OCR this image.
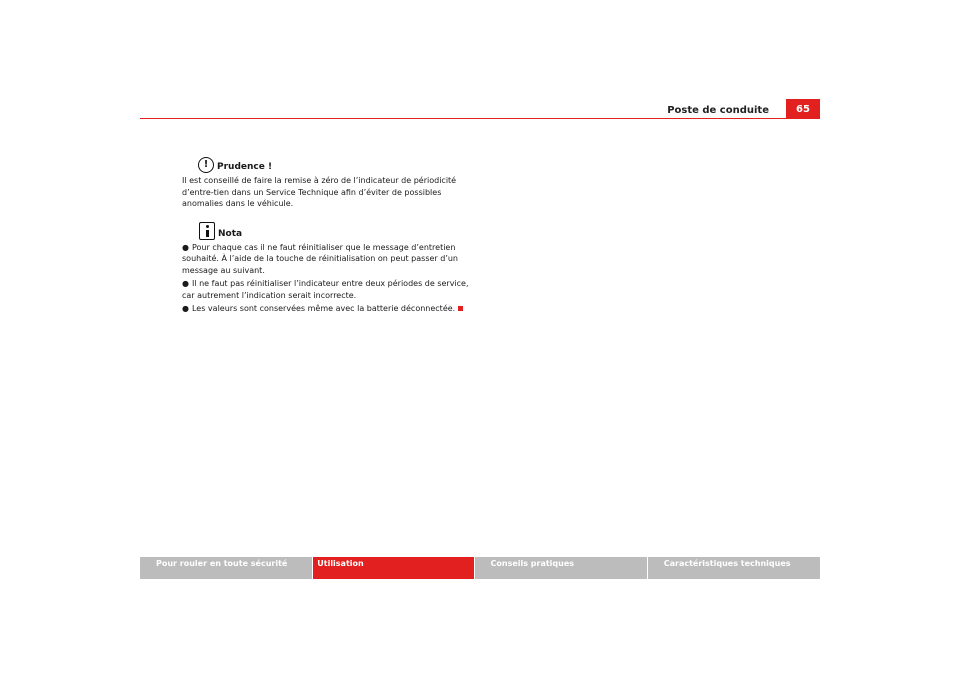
Poste de conduite	65
! Prudence !

Il est conseillé de faire la remise à zéro de l’indicateur de périodicité d’entre-tien dans un Service Technique afin d’éviter de possibles anomalies dans le véhicule.

Nota
● Pour chaque cas il ne faut réinitialiser que le message d’entretien souhaité. À l’aide de la touche de réinitialisation on peut passer d’un message au suivant.
● Il ne faut pas réinitialiser l’indicateur entre deux périodes de service, car autrement l’indication serait incorrecte.
● Les valeurs sont conservées même avec la batterie déconnectée.
Pour rouler en toute sécurité	Utilisation	Conseils pratiques	Caractéristiques techniques
